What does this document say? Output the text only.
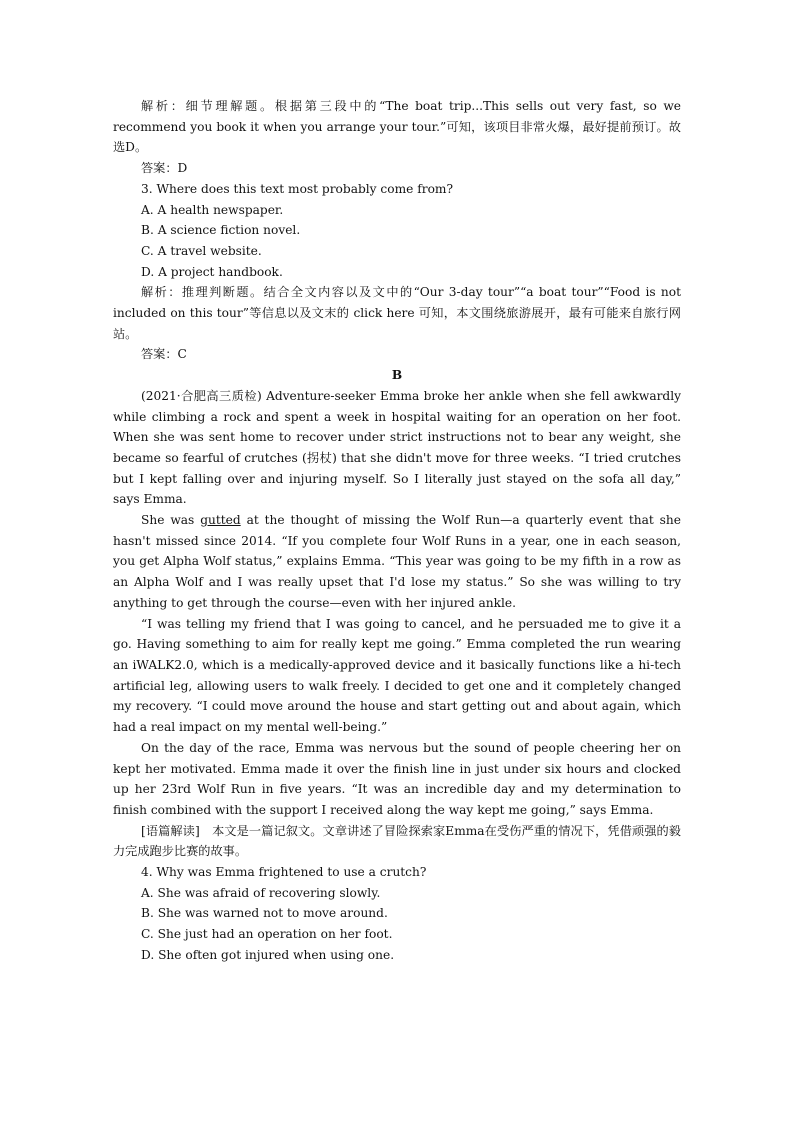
解析：细节理解题。根据第三段中的“The boat trip...This sells out very fast, so we recommend you book it when you arrange your tour.”可知，该项目非常火爆，最好提前预订。故选D。

答案：D

3. Where does this text most probably come from?

A. A health newspaper.

B. A science fiction novel.

C. A travel website.

D. A project handbook.

解析：推理判断题。结合全文内容以及文中的“Our 3-day tour”“a boat tour”“Food is not included on this tour”等信息以及文末的 click here 可知，本文围绕旅游展开，最有可能来自旅行网站。

答案：C

B

(2021·合肥高三质检) Adventure-seeker Emma broke her ankle when she fell awkwardly while climbing a rock and spent a week in hospital waiting for an operation on her foot. When she was sent home to recover under strict instructions not to bear any weight, she became so fearful of crutches (拐杖) that she didn't move for three weeks. “I tried crutches but I kept falling over and injuring myself. So I literally just stayed on the sofa all day,” says Emma.

She was gutted at the thought of missing the Wolf Run—a quarterly event that she hasn't missed since 2014. “If you complete four Wolf Runs in a year, one in each season, you get Alpha Wolf status,” explains Emma. “This year was going to be my fifth in a row as an Alpha Wolf and I was really upset that I'd lose my status.” So she was willing to try anything to get through the course—even with her injured ankle.

“I was telling my friend that I was going to cancel, and he persuaded me to give it a go. Having something to aim for really kept me going.” Emma completed the run wearing an iWALK2.0, which is a medically-approved device and it basically functions like a hi-tech artificial leg, allowing users to walk freely. I decided to get one and it completely changed my recovery. “I could move around the house and start getting out and about again, which had a real impact on my mental well-being.”

On the day of the race, Emma was nervous but the sound of people cheering her on kept her motivated. Emma made it over the finish line in just under six hours and clocked up her 23rd Wolf Run in five years. “It was an incredible day and my determination to finish combined with the support I received along the way kept me going,” says Emma.

[语篇解读]　本文是一篇记叙文。文章讲述了冒险探索家Emma在受伤严重的情况下，凭借顽强的毅力完成跑步比赛的故事。

4. Why was Emma frightened to use a crutch?

A. She was afraid of recovering slowly.

B. She was warned not to move around.

C. She just had an operation on her foot.

D. She often got injured when using one.
